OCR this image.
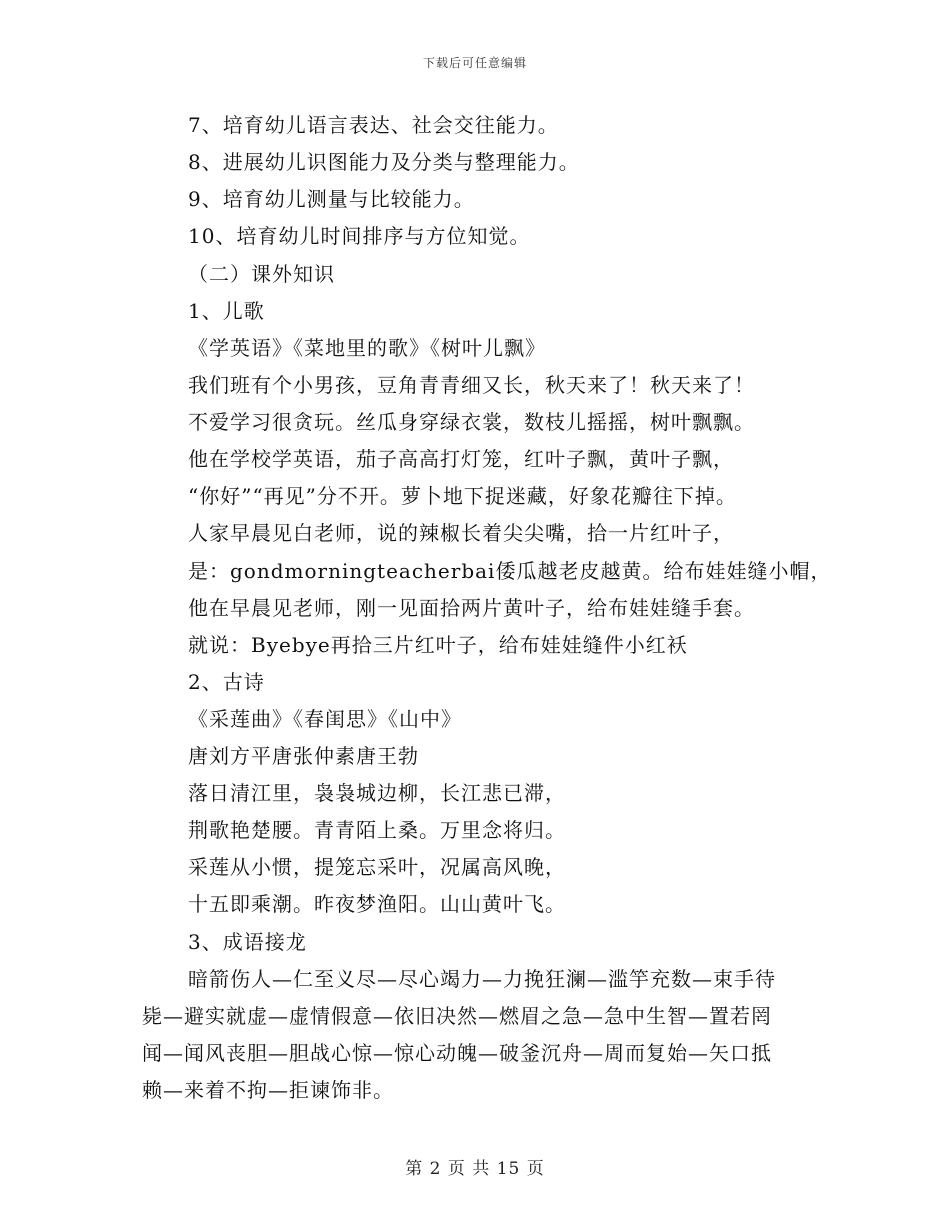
下载后可任意编辑
7、培育幼儿语言表达、社会交往能力。
8、进展幼儿识图能力及分类与整理能力。
9、培育幼儿测量与比较能力。
10、培育幼儿时间排序与方位知觉。
（二）课外知识
1、儿歌
《学英语》《菜地里的歌》《树叶儿飘》
我们班有个小男孩，豆角青青细又长，秋天来了！秋天来了！
不爱学习很贪玩。丝瓜身穿绿衣裳，数枝儿摇摇，树叶飘飘。
他在学校学英语，茄子高高打灯笼，红叶子飘，黄叶子飘，
“你好”“再见”分不开。萝卜地下捉迷藏，好象花瓣往下掉。
人家早晨见白老师，说的辣椒长着尖尖嘴，拾一片红叶子，
是：gondmorningteacherbai倭瓜越老皮越黄。给布娃娃缝小帽，
他在早晨见老师，刚一见面拾两片黄叶子，给布娃娃缝手套。
就说：Byebye再拾三片红叶子，给布娃娃缝件小红袄
2、古诗
《采莲曲》《春闺思》《山中》
唐刘方平唐张仲素唐王勃
落日清江里，袅袅城边柳，长江悲已滞，
荆歌艳楚腰。青青陌上桑。万里念将归。
采莲从小惯，提笼忘采叶，况属高风晚，
十五即乘潮。昨夜梦渔阳。山山黄叶飞。
3、成语接龙
暗箭伤人—仁至义尽—尽心竭力—力挽狂澜—滥竽充数—束手待
毙—避实就虚—虚情假意—依旧决然—燃眉之急—急中生智—置若罔
闻—闻风丧胆—胆战心惊—惊心动魄—破釜沉舟—周而复始—矢口抵
赖—来着不拘—拒谏饰非。
第 2 页 共 15 页
